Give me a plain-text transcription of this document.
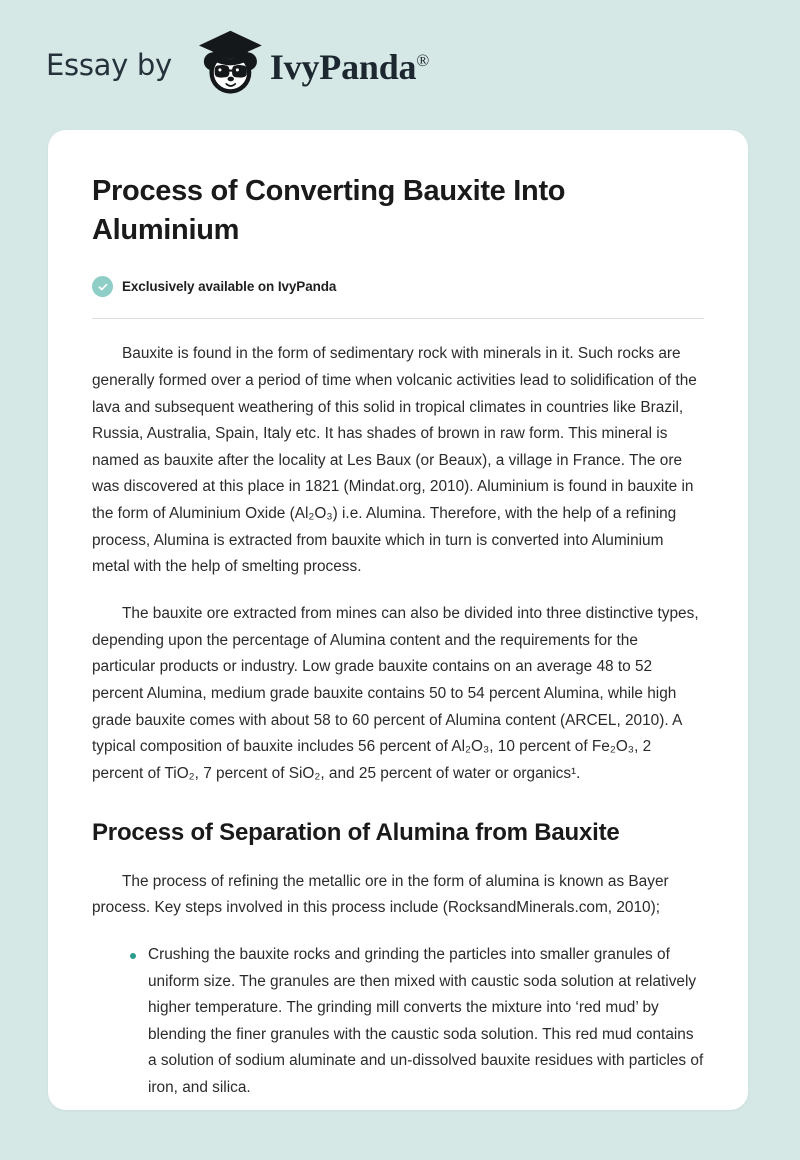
Essay by	IvyPanda®
Process of Converting Bauxite Into Aluminium
Exclusively available on IvyPanda

Bauxite is found in the form of sedimentary rock with minerals in it. Such rocks are generally formed over a period of time when volcanic activities lead to solidification of the lava and subsequent weathering of this solid in tropical climates in countries like Brazil, Russia, Australia, Spain, Italy etc. It has shades of brown in raw form. This mineral is named as bauxite after the locality at Les Baux (or Beaux), a village in France. The ore was discovered at this place in 1821 (Mindat.org, 2010). Aluminium is found in bauxite in the form of Aluminium Oxide (Al₂O₃) i.e. Alumina. Therefore, with the help of a refining process, Alumina is extracted from bauxite which in turn is converted into Aluminium metal with the help of smelting process.

The bauxite ore extracted from mines can also be divided into three distinctive types, depending upon the percentage of Alumina content and the requirements for the particular products or industry. Low grade bauxite contains on an average 48 to 52 percent Alumina, medium grade bauxite contains 50 to 54 percent Alumina, while high grade bauxite comes with about 58 to 60 percent of Alumina content (ARCEL, 2010). A typical composition of bauxite includes 56 percent of Al₂O₃, 10 percent of Fe₂O₃, 2 percent of TiO₂, 7 percent of SiO₂, and 25 percent of water or organics¹.

Process of Separation of Alumina from Bauxite

The process of refining the metallic ore in the form of alumina is known as Bayer process. Key steps involved in this process include (RocksandMinerals.com, 2010);

Crushing the bauxite rocks and grinding the particles into smaller granules of uniform size. The granules are then mixed with caustic soda solution at relatively higher temperature. The grinding mill converts the mixture into ‘red mud’ by blending the finer granules with the caustic soda solution. This red mud contains a solution of sodium aluminate and un-dissolved bauxite residues with particles of iron, and silica.
